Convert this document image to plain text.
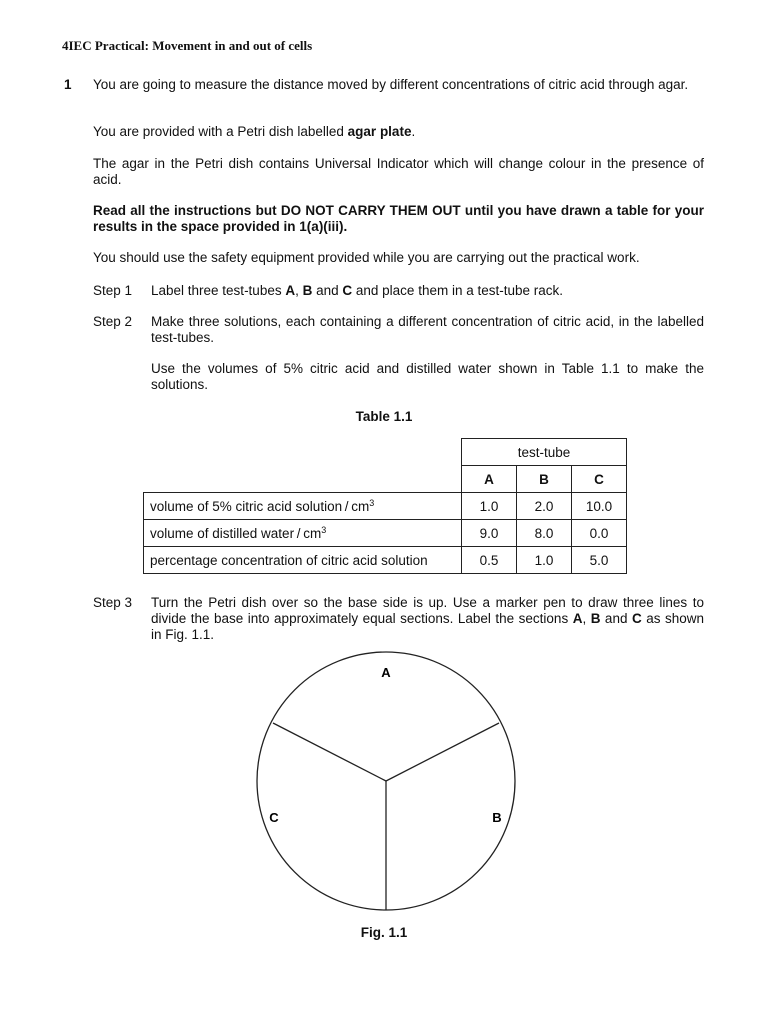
4IEC Practical: Movement in and out of cells
1 You are going to measure the distance moved by different concentrations of citric acid through agar.
You are provided with a Petri dish labelled agar plate.
The agar in the Petri dish contains Universal Indicator which will change colour in the presence of acid.
Read all the instructions but DO NOT CARRY THEM OUT until you have drawn a table for your results in the space provided in 1(a)(iii).
You should use the safety equipment provided while you are carrying out the practical work.
Step 1 Label three test-tubes A, B and C and place them in a test-tube rack.
Step 2 Make three solutions, each containing a different concentration of citric acid, in the labelled test-tubes.
Use the volumes of 5% citric acid and distilled water shown in Table 1.1 to make the solutions.
Table 1.1
	test-tube		
	A	B	C
volume of 5% citric acid solution / $cm^3$	1.0	2.0	10.0
volume of distilled water / $cm^3$	9.0	8.0	0.0
percentage concentration of citric acid solution	0.5	1.0	5.0
Step 3 Turn the Petri dish over so the base side is up. Use a marker pen to draw three lines to divide the base into approximately equal sections. Label the sections A, B and C as shown in Fig. 1.1.
A
B
C
Fig. 1.1
